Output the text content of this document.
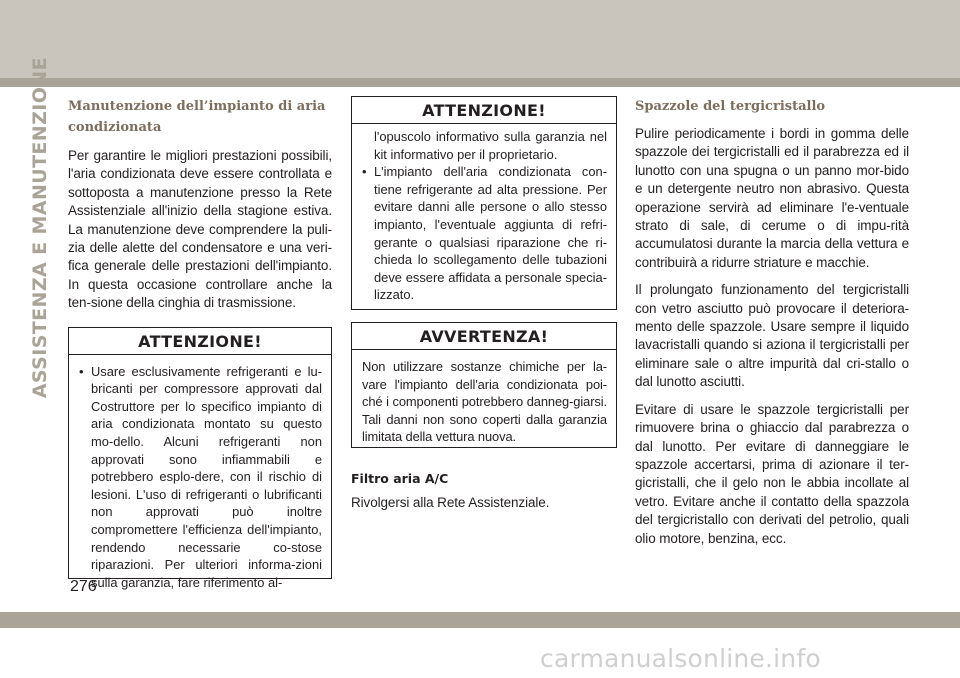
ASSISTENZA E MANUTENZIONE Manutenzione dell’impianto di aria condizionata

Per garantire le migliori prestazioni possibili, l'aria condizionata deve essere controllata e sottoposta a manutenzione presso la Rete Assistenziale all'inizio della stagione estiva. La manutenzione deve comprendere la puli-zia delle alette del condensatore e una veri-fica generale delle prestazioni dell'impianto. In questa occasione controllare anche la ten-sione della cinghia di trasmissione.

ATTENZIONE!
• Usare esclusivamente refrigeranti e lu-bricanti per compressore approvati dal Costruttore per lo specifico impianto di aria condizionata montato su questo mo-dello. Alcuni refrigeranti non approvati sono infiammabili e potrebbero esplo-dere, con il rischio di lesioni. L'uso di refrigeranti o lubrificanti non approvati può inoltre compromettere l'efficienza dell'impianto, rendendo necessarie co-stose riparazioni. Per ulteriori informa-zioni sulla garanzia, fare riferimento al-
ATTENZIONE!
l'opuscolo informativo sulla garanzia nel kit informativo per il proprietario.
• L'impianto dell'aria condizionata con-tiene refrigerante ad alta pressione. Per evitare danni alle persone o allo stesso impianto, l'eventuale aggiunta di refri-gerante o qualsiasi riparazione che ri-chieda lo scollegamento delle tubazioni deve essere affidata a personale specia-lizzato.
AVVERTENZA!

Non utilizzare sostanze chimiche per la-vare l'impianto dell'aria condizionata poi-ché i componenti potrebbero danneg-giarsi. Tali danni non sono coperti dalla garanzia limitata della vettura nuova.

Filtro aria A/C

Rivolgersi alla Rete Assistenziale.

Spazzole del tergicristallo

Pulire periodicamente i bordi in gomma delle spazzole dei tergicristalli ed il parabrezza ed il lunotto con una spugna o un panno mor-bido e un detergente neutro non abrasivo. Questa operazione servirà ad eliminare l'e-ventuale strato di sale, di cerume o di impu-rità accumulatosi durante la marcia della vettura e contribuirà a ridurre striature e macchie.

Il prolungato funzionamento del tergicristalli con vetro asciutto può provocare il deteriora-mento delle spazzole. Usare sempre il liquido lavacristalli quando si aziona il tergicristalli per eliminare sale o altre impurità dal cri-stallo o dal lunotto asciutti.

Evitare di usare le spazzole tergicristalli per rimuovere brina o ghiaccio dal parabrezza o dal lunotto. Per evitare di danneggiare le spazzole accertarsi, prima di azionare il ter-gicristalli, che il gelo non le abbia incollate al vetro. Evitare anche il contatto della spazzola del tergicristallo con derivati del petrolio, quali olio motore, benzina, ecc.

276
carmanualsonline.info
